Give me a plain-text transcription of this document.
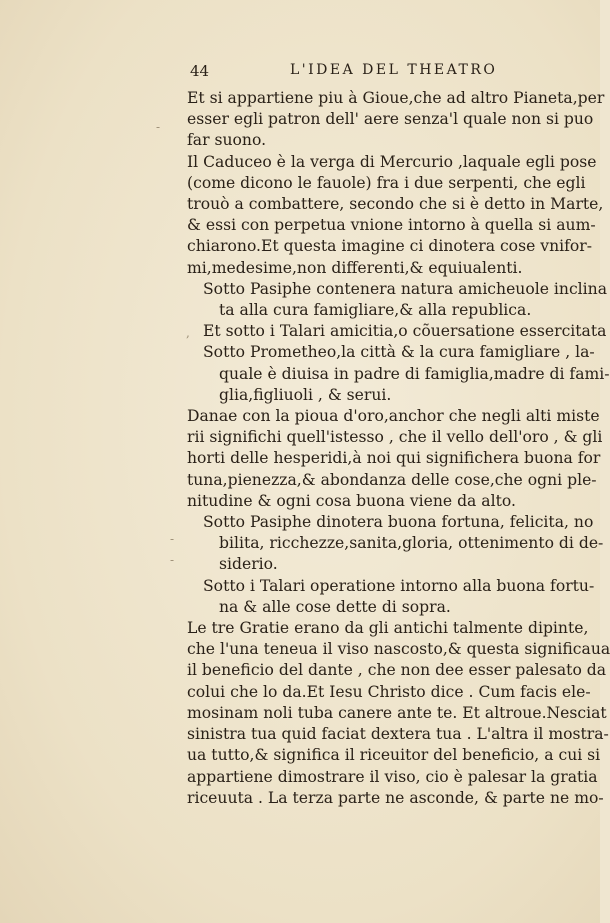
44	L'IDEA DEL THEATRO
Et si appartiene piu à Gioue,che ad altro Pianeta,per
esser egli patron dell' aere senza'l quale non si puo
far suono.
Il Caduceo è la verga di Mercurio ,laquale egli pose
(come dicono le fauole) fra i due serpenti, che egli
trouò a combattere, secondo che si è detto in Marte,
& essi con perpetua vnione intorno à quella si aum-
chiarono.Et questa imagine ci dinotera cose vnifor-
mi,medesime,non differenti,& equiualenti.
Sotto Pasiphe contenera natura amicheuole inclina
ta alla cura famigliare,& alla republica.
Et sotto i Talari amicitia,o cõuersatione essercitata
Sotto Prometheo,la città & la cura famigliare , la-
quale è diuisa in padre di famiglia,madre di fami-
glia,figliuoli , & serui.
Danae con la pioua d'oro,anchor che negli alti miste
rii significhi quell'istesso , che il vello dell'oro , & gli
horti delle hesperidi,à noi qui significhera buona for
tuna,pienezza,& abondanza delle cose,che ogni ple-
nitudine & ogni cosa buona viene da alto.
Sotto Pasiphe dinotera buona fortuna, felicita, no
bilita, ricchezze,sanita,gloria, ottenimento di de-
siderio.
Sotto i Talari operatione intorno alla buona fortu-
na & alle cose dette di sopra.
Le tre Gratie erano da gli antichi talmente dipinte,
che l'una teneua il viso nascosto,& questa significaua
il beneficio del dante , che non dee esser palesato da
colui che lo da.Et Iesu Christo dice . Cum facis ele-
mosinam noli tuba canere ante te. Et altroue.Nesciat
sinistra tua quid faciat dextera tua . L'altra il mostra-
ua tutto,& significa il riceuitor del beneficio, a cui si
appartiene dimostrare il viso, cio è palesar la gratia
riceuuta . La terza parte ne asconde, & parte ne mo-
-
,
-
-
